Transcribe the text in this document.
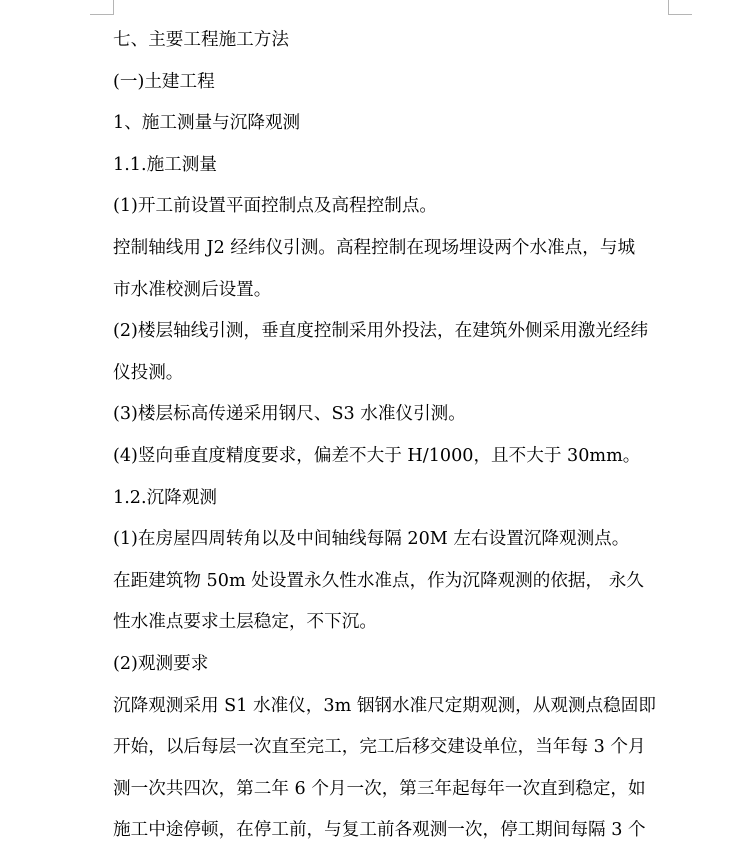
七、主要工程施工方法
(一)土建工程
1、施工测量与沉降观测
1.1.施工测量
(1)开工前设置平面控制点及高程控制点。
控制轴线用 J2 经纬仪引测。高程控制在现场埋设两个水准点，与城
市水准校测后设置。
(2)楼层轴线引测，垂直度控制采用外投法，在建筑外侧采用激光经纬
仪投测。
(3)楼层标高传递采用钢尺、S3 水准仪引测。
(4)竖向垂直度精度要求，偏差不大于 H/1000，且不大于 30mm。
1.2.沉降观测
(1)在房屋四周转角以及中间轴线每隔 20M 左右设置沉降观测点。
在距建筑物 50m 处设置永久性水准点，作为沉降观测的依据， 永久
性水准点要求土层稳定，不下沉。
(2)观测要求
沉降观测采用 S1 水准仪，3m 铟钢水准尺定期观测，从观测点稳固即
开始，以后每层一次直至完工，完工后移交建设单位，当年每 3 个月
测一次共四次，第二年 6 个月一次，第三年起每年一次直到稳定，如
施工中途停顿，在停工前，与复工前各观测一次，停工期间每隔 3 个
